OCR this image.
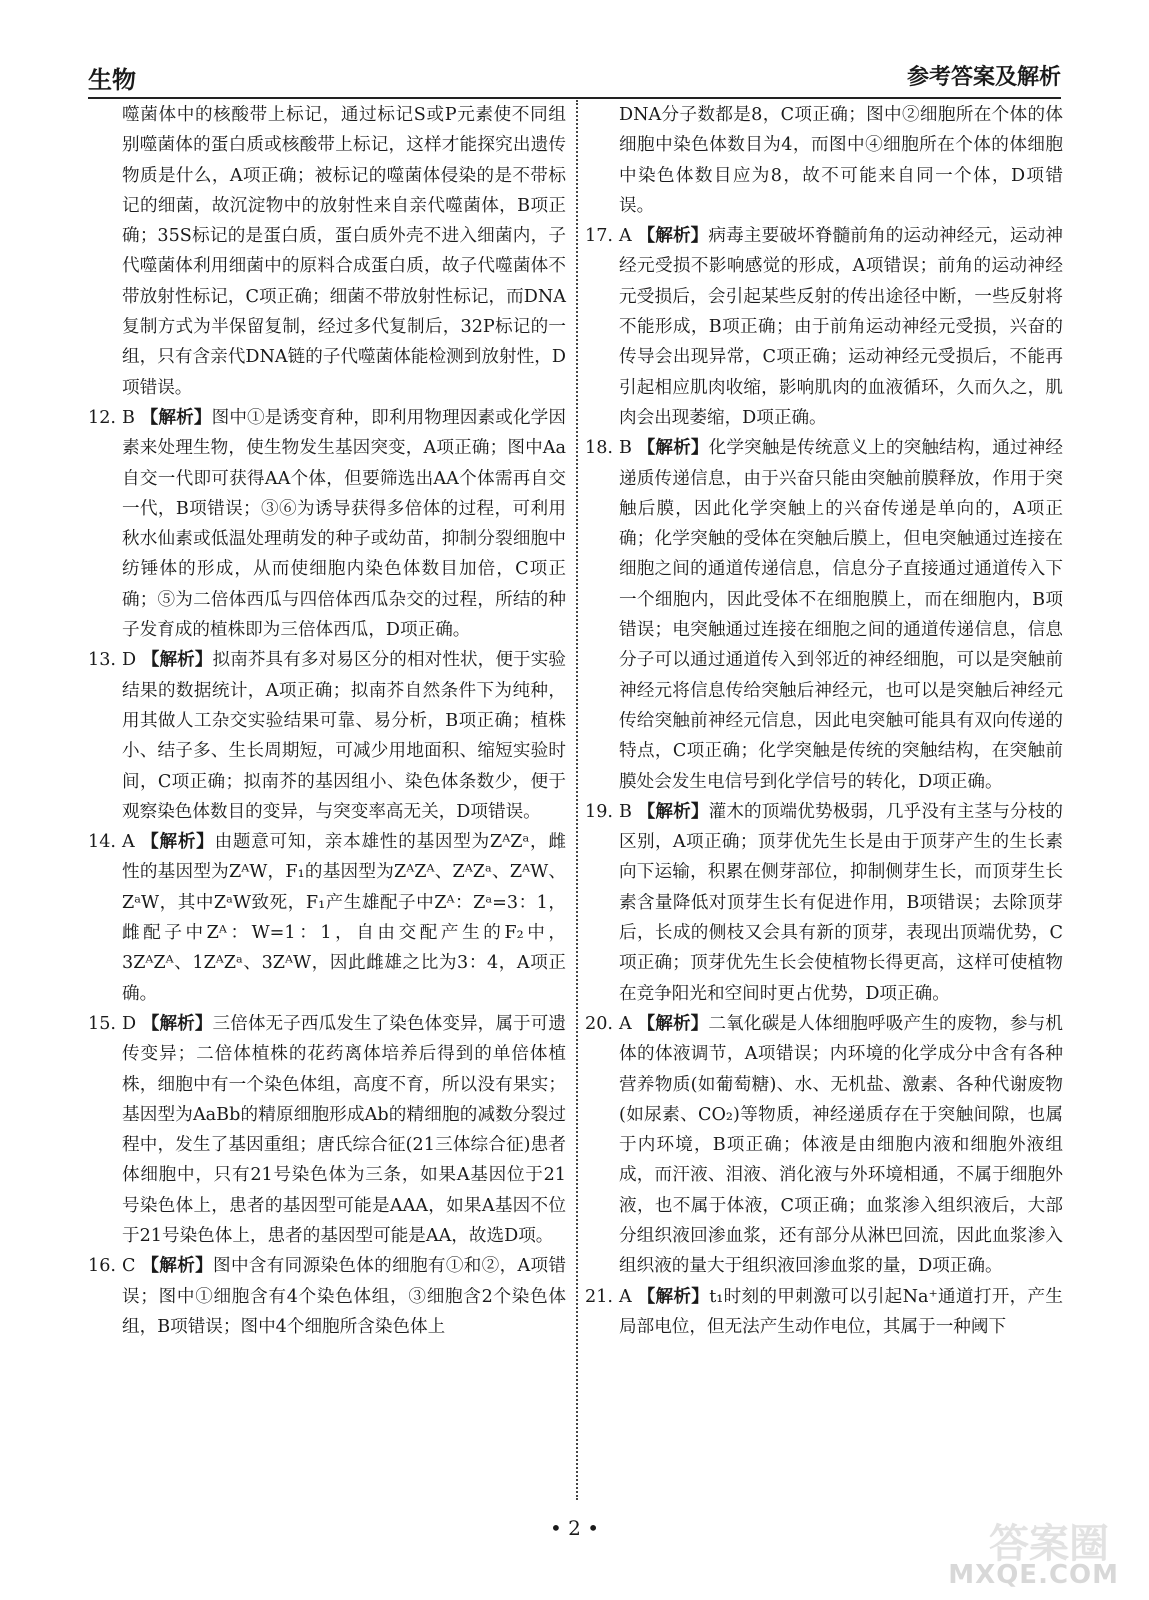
生物	参考答案及解析
噬菌体中的核酸带上标记，通过标记S或P元素使不同组别噬菌体的蛋白质或核酸带上标记，这样才能探究出遗传物质是什么，A项正确；被标记的噬菌体侵染的是不带标记的细菌，故沉淀物中的放射性来自亲代噬菌体，B项正确；35S标记的是蛋白质，蛋白质外壳不进入细菌内，子代噬菌体利用细菌中的原料合成蛋白质，故子代噬菌体不带放射性标记，C项正确；细菌不带放射性标记，而DNA复制方式为半保留复制，经过多代复制后，32P标记的一组，只有含亲代DNA链的子代噬菌体能检测到放射性，D项错误。
12. B 【解析】图中①是诱变育种，即利用物理因素或化学因素来处理生物，使生物发生基因突变，A项正确；图中Aa自交一代即可获得AA个体，但要筛选出AA个体需再自交一代，B项错误；③⑥为诱导获得多倍体的过程，可利用秋水仙素或低温处理萌发的种子或幼苗，抑制分裂细胞中纺锤体的形成，从而使细胞内染色体数目加倍，C项正确；⑤为二倍体西瓜与四倍体西瓜杂交的过程，所结的种子发育成的植株即为三倍体西瓜，D项正确。
13. D 【解析】拟南芥具有多对易区分的相对性状，便于实验结果的数据统计，A项正确；拟南芥自然条件下为纯种，用其做人工杂交实验结果可靠、易分析，B项正确；植株小、结子多、生长周期短，可减少用地面积、缩短实验时间，C项正确；拟南芥的基因组小、染色体条数少，便于观察染色体数目的变异，与突变率高无关，D项错误。
14. A 【解析】由题意可知，亲本雄性的基因型为ZᴬZᵃ，雌性的基因型为ZᴬW，F₁的基因型为ZᴬZᴬ、ZᴬZᵃ、ZᴬW、ZᵃW，其中ZᵃW致死，F₁产生雄配子中Zᴬ：Zᵃ=3：1，雌配子中Zᴬ：W=1：1，自由交配产生的F₂中，3ZᴬZᴬ、1ZᴬZᵃ、3ZᴬW，因此雌雄之比为3：4，A项正确。
15. D 【解析】三倍体无子西瓜发生了染色体变异，属于可遗传变异；二倍体植株的花药离体培养后得到的单倍体植株，细胞中有一个染色体组，高度不育，所以没有果实；基因型为AaBb的精原细胞形成Ab的精细胞的减数分裂过程中，发生了基因重组；唐氏综合征(21三体综合征)患者体细胞中，只有21号染色体为三条，如果A基因位于21号染色体上，患者的基因型可能是AAA，如果A基因不位于21号染色体上，患者的基因型可能是AA，故选D项。
16. C 【解析】图中含有同源染色体的细胞有①和②，A项错误；图中①细胞含有4个染色体组，③细胞含2个染色体组，B项错误；图中4个细胞所含染色体上
DNA分子数都是8，C项正确；图中②细胞所在个体的体细胞中染色体数目为4，而图中④细胞所在个体的体细胞中染色体数目应为8，故不可能来自同一个体，D项错误。
17. A 【解析】病毒主要破坏脊髓前角的运动神经元，运动神经元受损不影响感觉的形成，A项错误；前角的运动神经元受损后，会引起某些反射的传出途径中断，一些反射将不能形成，B项正确；由于前角运动神经元受损，兴奋的传导会出现异常，C项正确；运动神经元受损后，不能再引起相应肌肉收缩，影响肌肉的血液循环，久而久之，肌肉会出现萎缩，D项正确。
18. B 【解析】化学突触是传统意义上的突触结构，通过神经递质传递信息，由于兴奋只能由突触前膜释放，作用于突触后膜，因此化学突触上的兴奋传递是单向的，A项正确；化学突触的受体在突触后膜上，但电突触通过连接在细胞之间的通道传递信息，信息分子直接通过通道传入下一个细胞内，因此受体不在细胞膜上，而在细胞内，B项错误；电突触通过连接在细胞之间的通道传递信息，信息分子可以通过通道传入到邻近的神经细胞，可以是突触前神经元将信息传给突触后神经元，也可以是突触后神经元传给突触前神经元信息，因此电突触可能具有双向传递的特点，C项正确；化学突触是传统的突触结构，在突触前膜处会发生电信号到化学信号的转化，D项正确。
19. B 【解析】灌木的顶端优势极弱，几乎没有主茎与分枝的区别，A项正确；顶芽优先生长是由于顶芽产生的生长素向下运输，积累在侧芽部位，抑制侧芽生长，而顶芽生长素含量降低对顶芽生长有促进作用，B项错误；去除顶芽后，长成的侧枝又会具有新的顶芽，表现出顶端优势，C项正确；顶芽优先生长会使植物长得更高，这样可使植物在竞争阳光和空间时更占优势，D项正确。
20. A 【解析】二氧化碳是人体细胞呼吸产生的废物，参与机体的体液调节，A项错误；内环境的化学成分中含有各种营养物质(如葡萄糖)、水、无机盐、激素、各种代谢废物(如尿素、CO₂)等物质，神经递质存在于突触间隙，也属于内环境，B项正确；体液是由细胞内液和细胞外液组成，而汗液、泪液、消化液与外环境相通，不属于细胞外液，也不属于体液，C项正确；血浆渗入组织液后，大部分组织液回渗血浆，还有部分从淋巴回流，因此血浆渗入组织液的量大于组织液回渗血浆的量，D项正确。
21. A 【解析】t₁时刻的甲刺激可以引起Na⁺通道打开，产生局部电位，但无法产生动作电位，其属于一种阈下
• 2 •	答案圈
MXQE.COM
